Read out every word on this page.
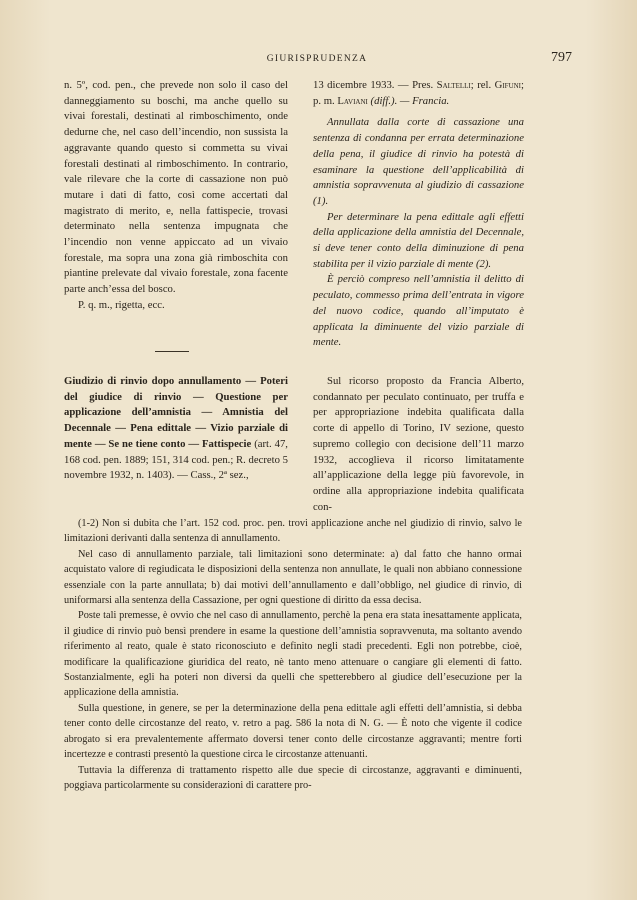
GIURISPRUDENZA	797

n. 5º, cod. pen., che prevede non solo il caso del danneggiamento su boschi, ma anche quello su vivai forestali, destinati al rimboschimento, onde dedurne che, nel caso dell’incendio, non sussista la aggravante quando questo si commetta su vivai forestali destinati al rimboschimento. In contrario, vale rilevare che la corte di cassazione non può mutare i dati di fatto, così come accertati dal magistrato di merito, e, nella fattispecie, trovasi determinato nella sentenza impugnata che l’incendio non venne appiccato ad un vivaio forestale, ma sopra una zona già rimboschita con piantine prelevate dal vivaio forestale, zona facente parte anch’essa del bosco.

P. q. m., rigetta, ecc.

13 dicembre 1933. — Pres. Saltelli; rel. Gifuni; p. m. Laviani (diff.). — Francia.

Annullata dalla corte di cassazione una sentenza di condanna per errata determinazione della pena, il giudice di rinvio ha potestà di esaminare la questione dell’applicabilità di amnistia sopravvenuta al giudizio di cassazione (1).

Per determinare la pena edittale agli effetti della applicazione della amnistia del Decennale, si deve tener conto della diminuzione di pena stabilita per il vizio parziale di mente (2).

È perciò compreso nell’amnistia il delitto di peculato, commesso prima dell’entrata in vigore del nuovo codice, quando all’imputato è applicata la diminuente del vizio parziale di mente.

Giudizio di rinvio dopo annullamento — Poteri del giudice di rinvio — Questione per applicazione dell’amnistia — Amnistia del Decennale — Pena edittale — Vizio parziale di mente — Se ne tiene conto — Fattispecie (art. 47, 168 cod. pen. 1889; 151, 314 cod. pen.; R. decreto 5 novembre 1932, n. 1403). — Cass., 2ª sez.,

Sul ricorso proposto da Francia Alberto, condannato per peculato continuato, per truffa e per appropriazione indebita qualificata dalla corte di appello di Torino, IV sezione, questo supremo collegio con decisione dell’11 marzo 1932, accoglieva il ricorso limitatamente all’applicazione della legge più favorevole, in ordine alla appropriazione indebita qualificata con-

(1-2) Non si dubita che l’art. 152 cod. proc. pen. trovi applicazione anche nel giudizio di rinvio, salvo le limitazioni derivanti dalla sentenza di annullamento.

Nel caso di annullamento parziale, tali limitazioni sono determinate: a) dal fatto che hanno ormai acquistato valore di regiudicata le disposizioni della sentenza non annullate, le quali non abbiano connessione essenziale con la parte annullata; b) dai motivi dell’annullamento e dall’obbligo, nel giudice di rinvio, di uniformarsi alla sentenza della Cassazione, per ogni questione di diritto da essa decisa.

Poste tali premesse, è ovvio che nel caso di annullamento, perchè la pena era stata inesattamente applicata, il giudice di rinvio può bensì prendere in esame la questione dell’amnistia sopravvenuta, ma soltanto avendo riferimento al reato, quale è stato riconosciuto e definito negli stadi precedenti. Egli non potrebbe, cioè, modificare la qualificazione giuridica del reato, nè tanto meno attenuare o cangiare gli elementi di fatto. Sostanzialmente, egli ha poteri non diversi da quelli che spetterebbero al giudice dell’esecuzione per la applicazione della amnistia.

Sulla questione, in genere, se per la determinazione della pena edittale agli effetti dell’amnistia, si debba tener conto delle circostanze del reato, v. retro a pag. 586 la nota di N. G. — È noto che vigente il codice abrogato si era prevalentemente affermato doversi tener conto delle circostanze aggravanti; mentre forti incertezze e contrasti presentò la questione circa le circostanze attenuanti.

Tuttavia la differenza di trattamento rispetto alle due specie di circostanze, aggravanti e diminuenti, poggiava particolarmente su considerazioni di carattere pro-
